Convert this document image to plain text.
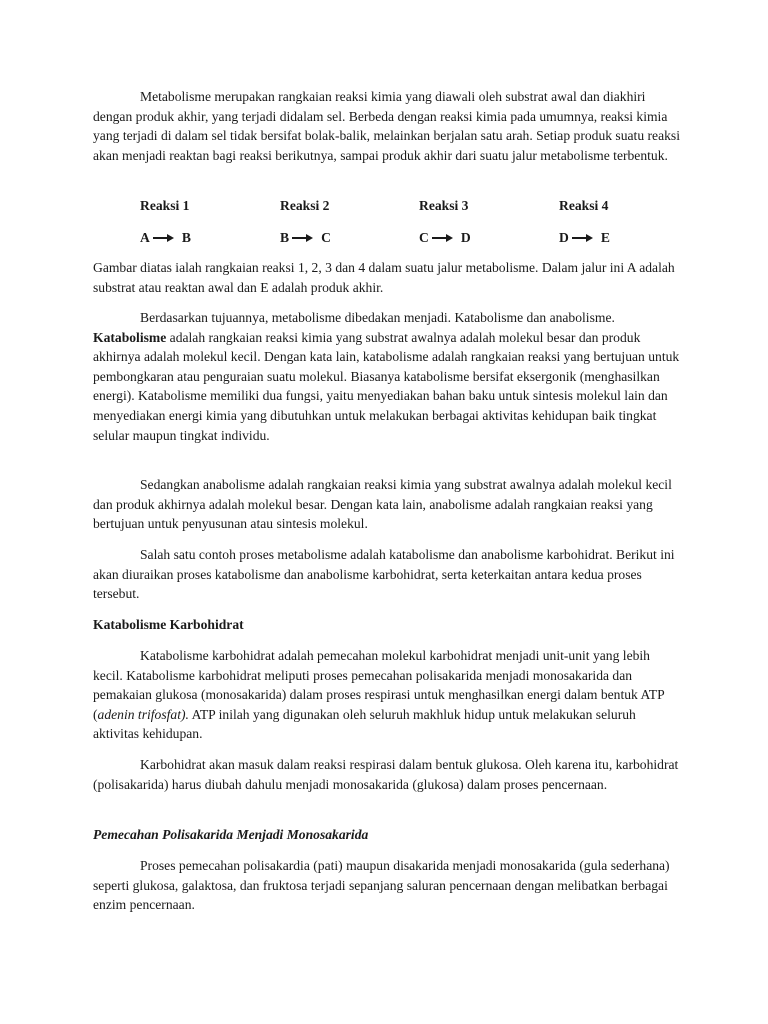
Metabolisme merupakan rangkaian reaksi kimia yang diawali oleh substrat awal dan diakhiri dengan produk akhir, yang terjadi didalam sel. Berbeda dengan reaksi kimia pada umumnya, reaksi kimia yang terjadi di dalam sel tidak bersifat bolak-balik, melainkan berjalan satu arah. Setiap produk suatu reaksi akan menjadi reaktan bagi reaksi berikutnya, sampai produk akhir dari suatu jalur metabolisme terbentuk.

Reaksi 1	Reaksi 2	Reaksi 3	Reaksi 4
A B	B C	C D	D E

Gambar diatas ialah rangkaian reaksi 1, 2, 3 dan 4 dalam suatu jalur metabolisme. Dalam jalur ini A adalah substrat atau reaktan awal dan E adalah produk akhir.

Berdasarkan tujuannya, metabolisme dibedakan menjadi. Katabolisme dan anabolisme. Katabolisme adalah rangkaian reaksi kimia yang substrat awalnya adalah molekul besar dan produk akhirnya adalah molekul kecil. Dengan kata lain, katabolisme adalah rangkaian reaksi yang bertujuan untuk pembongkaran atau penguraian suatu molekul. Biasanya katabolisme bersifat eksergonik (menghasilkan energi). Katabolisme memiliki dua fungsi, yaitu menyediakan bahan baku untuk sintesis molekul lain dan menyediakan energi kimia yang dibutuhkan untuk melakukan berbagai aktivitas kehidupan baik tingkat selular maupun tingkat individu.

Sedangkan anabolisme adalah rangkaian reaksi kimia yang substrat awalnya adalah molekul kecil dan produk akhirnya adalah molekul besar. Dengan kata lain, anabolisme adalah rangkaian reaksi yang bertujuan untuk penyusunan atau sintesis molekul.

Salah satu contoh proses metabolisme adalah katabolisme dan anabolisme karbohidrat. Berikut ini akan diuraikan proses katabolisme dan anabolisme karbohidrat, serta keterkaitan antara kedua proses tersebut.

Katabolisme Karbohidrat

Katabolisme karbohidrat adalah pemecahan molekul karbohidrat menjadi unit-unit yang lebih kecil. Katabolisme karbohidrat meliputi proses pemecahan polisakarida menjadi monosakarida dan pemakaian glukosa (monosakarida) dalam proses respirasi untuk menghasilkan energi dalam bentuk ATP (adenin trifosfat). ATP inilah yang digunakan oleh seluruh makhluk hidup untuk melakukan seluruh aktivitas kehidupan.

Karbohidrat akan masuk dalam reaksi respirasi dalam bentuk glukosa. Oleh karena itu, karbohidrat (polisakarida) harus diubah dahulu menjadi monosakarida (glukosa) dalam proses pencernaan.

Pemecahan Polisakarida Menjadi Monosakarida

Proses pemecahan polisakardia (pati) maupun disakarida menjadi monosakarida (gula sederhana) seperti glukosa, galaktosa, dan fruktosa terjadi sepanjang saluran pencernaan dengan melibatkan berbagai enzim pencernaan.
